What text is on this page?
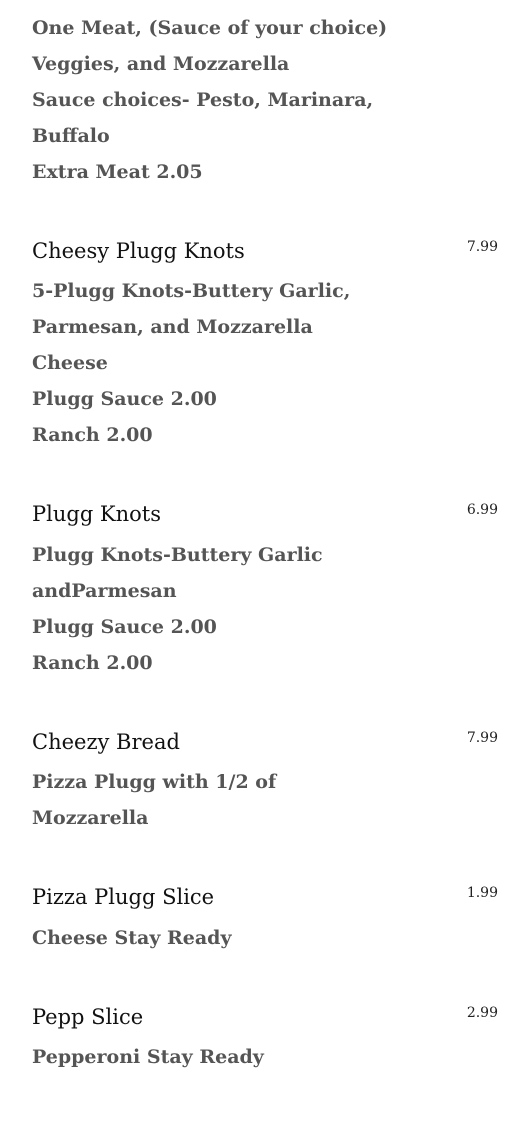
One Meat, (Sauce of your choice)
Veggies, and Mozzarella
Sauce choices- Pesto, Marinara,
Buffalo
Extra Meat 2.05
Cheesy Plugg Knots	7.99
5-Plugg Knots-Buttery Garlic,
Parmesan, and Mozzarella
Cheese
Plugg Sauce 2.00
Ranch 2.00
Plugg Knots	6.99
Plugg Knots-Buttery Garlic
andParmesan
Plugg Sauce 2.00
Ranch 2.00
Cheezy Bread	7.99
Pizza Plugg with 1/2 of
Mozzarella
Pizza Plugg Slice	1.99
Cheese Stay Ready
Pepp Slice	2.99
Pepperoni Stay Ready
